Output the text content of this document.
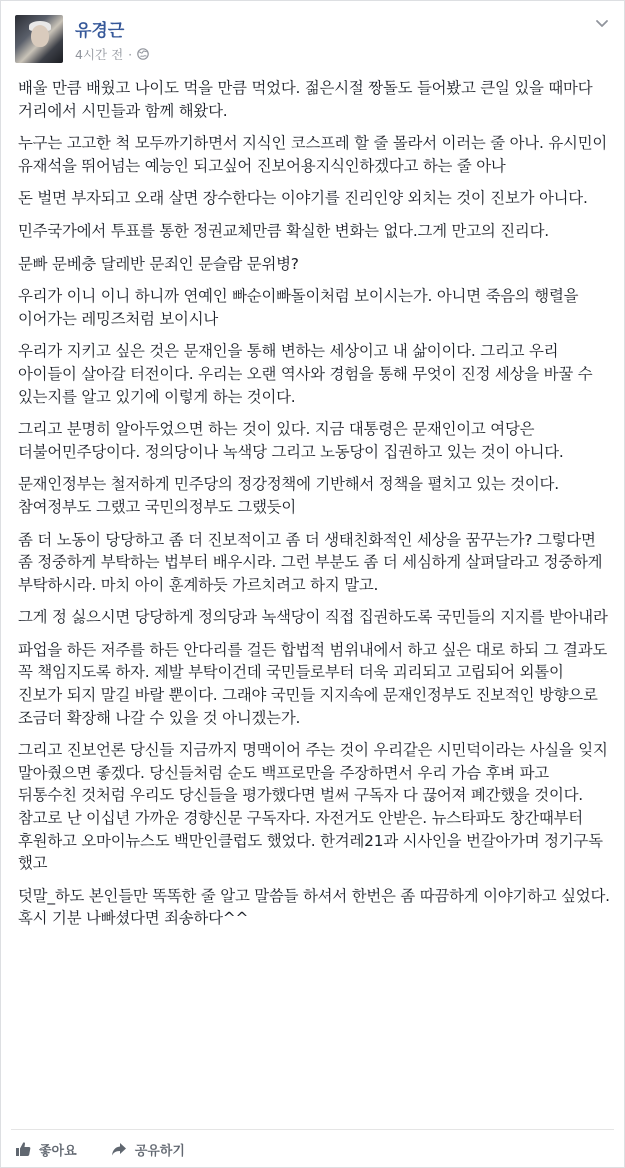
유경근
4시간 전 ·

배울 만큼 배웠고 나이도 먹을 만큼 먹었다. 젊은시절 짱돌도 들어봤고 큰일 있을 때마다 거리에서 시민들과 함께 해왔다.

누구는 고고한 척 모두까기하면서 지식인 코스프레 할 줄 몰라서 이러는 줄 아나. 유시민이 유재석을 뛰어넘는 예능인 되고싶어 진보어용지식인하겠다고 하는 줄 아나

돈 벌면 부자되고 오래 살면 장수한다는 이야기를 진리인양 외치는 것이 진보가 아니다.

민주국가에서 투표를 통한 정권교체만큼 확실한 변화는 없다.그게 만고의 진리다.

문빠 문베충 달레반 문죄인 문슬람 문위병?

우리가 이니 이니 하니까 연예인 빠순이빠돌이처럼 보이시는가. 아니면 죽음의 행렬을 이어가는 레밍즈처럼 보이시나

우리가 지키고 싶은 것은 문재인을 통해 변하는 세상이고 내 삶이이다. 그리고 우리 아이들이 살아갈 터전이다. 우리는 오랜 역사와 경험을 통해 무엇이 진정 세상을 바꿀 수 있는지를 알고 있기에 이렇게 하는 것이다.

그리고 분명히 알아두었으면 하는 것이 있다. 지금 대통령은 문재인이고 여당은 더불어민주당이다. 정의당이나 녹색당 그리고 노동당이 집권하고 있는 것이 아니다.

문재인정부는 철저하게 민주당의 정강정책에 기반해서 정책을 펼치고 있는 것이다. 참여정부도 그랬고 국민의정부도 그랬듯이

좀 더 노동이 당당하고 좀 더 진보적이고 좀 더 생태친화적인 세상을 꿈꾸는가? 그렇다면 좀 정중하게 부탁하는 법부터 배우시라. 그런 부분도 좀 더 세심하게 살펴달라고 정중하게 부탁하시라. 마치 아이 훈계하듯 가르치려고 하지 말고.

그게 정 싫으시면 당당하게 정의당과 녹색당이 직접 집권하도록 국민들의 지지를 받아내라

파업을 하든 저주를 하든 안다리를 걸든 합법적 범위내에서 하고 싶은 대로 하되 그 결과도 꼭 책임지도록 하자. 제발 부탁이건데 국민들로부터 더욱 괴리되고 고립되어 외톨이 진보가 되지 말길 바랄 뿐이다. 그래야 국민들 지지속에 문재인정부도 진보적인 방향으로 조금더 확장해 나갈 수 있을 것 아니겠는가.

그리고 진보언론 당신들 지금까지 명맥이어 주는 것이 우리같은 시민덕이라는 사실을 잊지 말아줬으면 좋겠다. 당신들처럼 순도 백프로만을 주장하면서 우리 가슴 후벼 파고 뒤통수친 것처럼 우리도 당신들을 평가했다면 벌써 구독자 다 끊어져 폐간했을 것이다. 참고로 난 이십년 가까운 경향신문 구독자다. 자전거도 안받은. 뉴스타파도 창간때부터 후원하고 오마이뉴스도 백만인클럽도 했었다. 한겨레21과 시사인을 번갈아가며 정기구독 했고

덧말_하도 본인들만 똑똑한 줄 알고 말씀들 하셔서 한번은 좀 따끔하게 이야기하고 싶었다. 혹시 기분 나빠셨다면 죄송하다^^

좋아요	공유하기
